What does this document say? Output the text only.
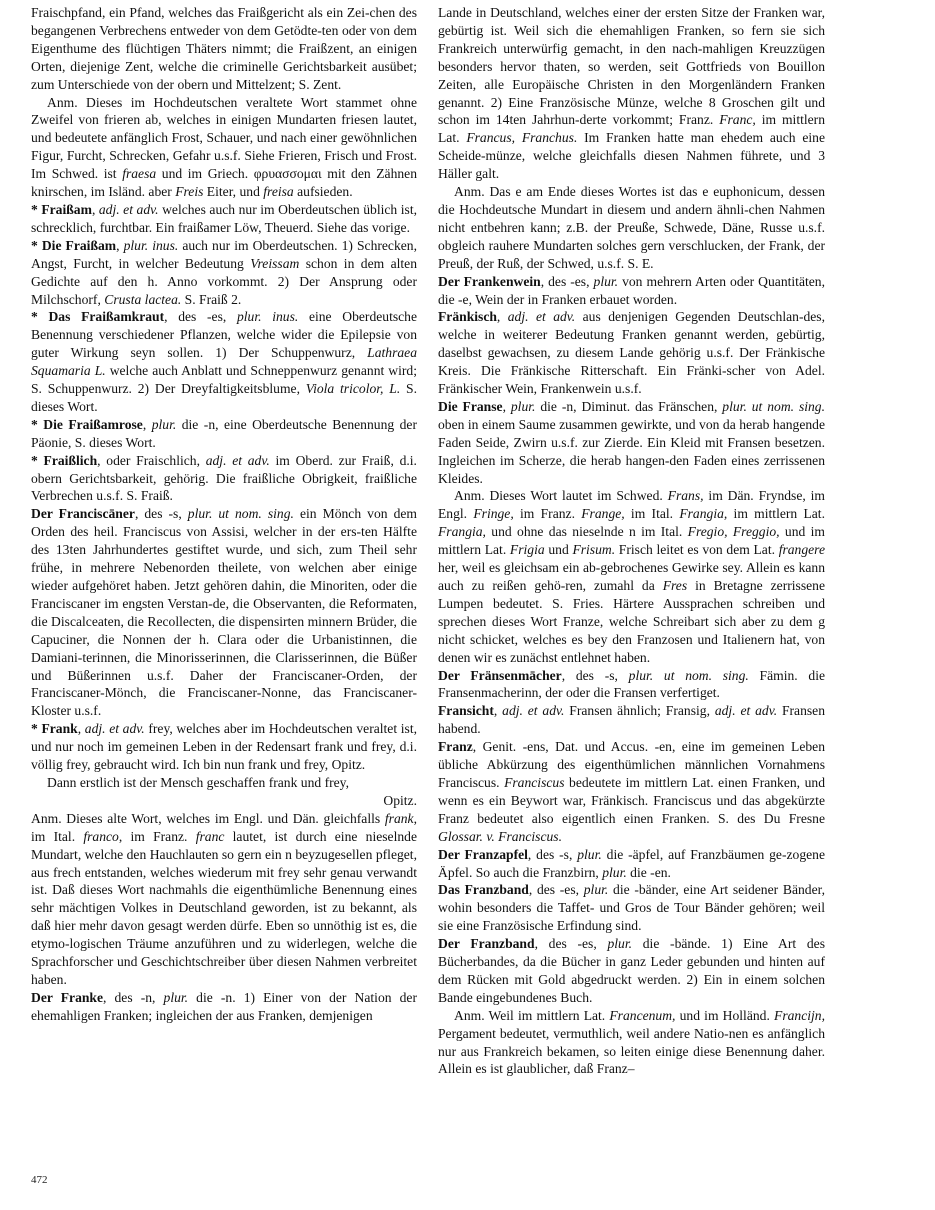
Fraischpfand, ein Pfand, welches das Fraißgericht als ein Zei-chen des begangenen Verbrechens entweder von dem Getödte-ten oder von dem Eigenthume des flüchtigen Thäters nimmt; die Fraißzent, an einigen Orten, diejenige Zent, welche die criminelle Gerichtsbarkeit ausübet; zum Unterschiede von der obern und Mittelzent; S. Zent.

Anm. Dieses im Hochdeutschen veraltete Wort stammet ohne Zweifel von frieren ab, welches in einigen Mundarten friesen lautet, und bedeutete anfänglich Frost, Schauer, und nach einer gewöhnlichen Figur, Furcht, Schrecken, Gefahr u.s.f. Siehe Frieren, Frisch und Frost. Im Schwed. ist fraesa und im Griech. φρυασσομαι mit den Zähnen knirschen, im Isländ. aber Freis Eiter, und freisa aufsieden.

* Fraißam, adj. et adv. welches auch nur im Oberdeutschen üblich ist, schrecklich, furchtbar. Ein fraißamer Löw, Theuerd. Siehe das vorige.

* Die Fraißam, plur. inus. auch nur im Oberdeutschen. 1) Schrecken, Angst, Furcht, in welcher Bedeutung Vreissam schon in dem alten Gedichte auf den h. Anno vorkommt. 2) Der Ansprung oder Milchschorf, Crusta lactea. S. Fraiß 2.

* Das Fraißamkraut, des -es, plur. inus. eine Oberdeutsche Benennung verschiedener Pflanzen, welche wider die Epilepsie von guter Wirkung seyn sollen. 1) Der Schuppenwurz, Lathraea Squamaria L. welche auch Anblatt und Schneppenwurz genannt wird; S. Schuppenwurz. 2) Der Dreyfaltigkeitsblume, Viola tricolor, L. S. dieses Wort.

* Die Fraißamrose, plur. die -n, eine Oberdeutsche Benennung der Päonie, S. dieses Wort.

* Fraißlich, oder Fraischlich, adj. et adv. im Oberd. zur Fraiß, d.i. obern Gerichtsbarkeit, gehörig. Die fraißliche Obrigkeit, fraißliche Verbrechen u.s.f. S. Fraiß.

Der Franciscāner, des -s, plur. ut nom. sing. ein Mönch von dem Orden des heil. Franciscus von Assisi, welcher in der ers-ten Hälfte des 13ten Jahrhundertes gestiftet wurde, und sich, zum Theil sehr frühe, in mehrere Nebenorden theilete, von welchen aber einige wieder aufgehöret haben. Jetzt gehören dahin, die Minoriten, oder die Franciscaner im engsten Verstan-de, die Observanten, die Reformaten, die Discalceaten, die Recollecten, die dispensirten minnern Brüder, die Capuciner, die Nonnen der h. Clara oder die Urbanistinnen, die Damiani-terinnen, die Minorisserinnen, die Clarisserinnen, die Büßer und Büßerinnen u.s.f. Daher der Franciscaner-Orden, der Franciscaner-Mönch, die Franciscaner-Nonne, das Franciscaner-Kloster u.s.f.

* Frank, adj. et adv. frey, welches aber im Hochdeutschen veraltet ist, und nur noch im gemeinen Leben in der Redensart frank und frey, d.i. völlig frey, gebraucht wird. Ich bin nun frank und frey, Opitz.

Dann erstlich ist der Mensch geschaffen frank und frey,

Opitz.

Anm. Dieses alte Wort, welches im Engl. und Dän. gleichfalls frank, im Ital. franco, im Franz. franc lautet, ist durch eine nieselnde Mundart, welche den Hauchlauten so gern ein n beyzugesellen pfleget, aus frech entstanden, welches wiederum mit frey sehr genau verwandt ist. Daß dieses Wort nachmahls die eigenthümliche Benennung eines sehr mächtigen Volkes in Deutschland geworden, ist zu bekannt, als daß hier mehr davon gesagt werden dürfe. Eben so unnöthig ist es, die etymo-logischen Träume anzuführen und zu widerlegen, welche die Sprachforscher und Geschichtschreiber über diesen Nahmen verbreitet haben.

Der Franke, des -n, plur. die -n. 1) Einer von der Nation der ehemahligen Franken; ingleichen der aus Franken, demjenigen

Lande in Deutschland, welches einer der ersten Sitze der Franken war, gebürtig ist. Weil sich die ehemahligen Franken, so fern sie sich Frankreich unterwürfig gemacht, in den nach-mahligen Kreuzzügen besonders hervor thaten, so werden, seit Gottfrieds von Bouillon Zeiten, alle Europäische Christen in den Morgenländern Franken genannt. 2) Eine Französische Münze, welche 8 Groschen gilt und schon im 14ten Jahrhun-derte vorkommt; Franz. Franc, im mittlern Lat. Francus, Franchus. Im Franken hatte man ehedem auch eine Scheide-münze, welche gleichfalls diesen Nahmen führete, und 3 Häller galt.

Anm. Das e am Ende dieses Wortes ist das e euphonicum, dessen die Hochdeutsche Mundart in diesem und andern ähnli-chen Nahmen nicht entbehren kann; z.B. der Preuße, Schwede, Däne, Russe u.s.f. obgleich rauhere Mundarten solches gern verschlucken, der Frank, der Preuß, der Ruß, der Schwed, u.s.f. S. E.

Der Frankenwein, des -es, plur. von mehrern Arten oder Quantitäten, die -e, Wein der in Franken erbauet worden.

Fränkisch, adj. et adv. aus denjenigen Gegenden Deutschlan-des, welche in weiterer Bedeutung Franken genannt werden, gebürtig, daselbst gewachsen, zu diesem Lande gehörig u.s.f. Der Fränkische Kreis. Die Fränkische Ritterschaft. Ein Fränki-scher von Adel. Fränkischer Wein, Frankenwein u.s.f.

Die Franse, plur. die -n, Diminut. das Fränschen, plur. ut nom. sing. oben in einem Saume zusammen gewirkte, und von da herab hangende Faden Seide, Zwirn u.s.f. zur Zierde. Ein Kleid mit Fransen besetzen. Ingleichen im Scherze, die herab hangen-den Faden eines zerrissenen Kleides.

Anm. Dieses Wort lautet im Schwed. Frans, im Dän. Fryndse, im Engl. Fringe, im Franz. Frange, im Ital. Frangia, im mittlern Lat. Frangia, und ohne das nieselnde n im Ital. Fregio, Freggio, und im mittlern Lat. Frigia und Frisum. Frisch leitet es von dem Lat. frangere her, weil es gleichsam ein ab-gebrochenes Gewirke sey. Allein es kann auch zu reißen gehö-ren, zumahl da Fres in Bretagne zerrissene Lumpen bedeutet. S. Fries. Härtere Aussprachen schreiben und sprechen dieses Wort Franze, welche Schreibart sich aber zu dem g nicht schicket, welches es bey den Franzosen und Italienern hat, von denen wir es zunächst entlehnet haben.

Der Fränsenmācher, des -s, plur. ut nom. sing. Fämin. die Fransenmacherinn, der oder die Fransen verfertiget.

Fransicht, adj. et adv. Fransen ähnlich; Fransig, adj. et adv. Fransen habend.

Franz, Genit. -ens, Dat. und Accus. -en, eine im gemeinen Leben übliche Abkürzung des eigenthümlichen männlichen Vornahmens Franciscus. Franciscus bedeutete im mittlern Lat. einen Franken, und wenn es ein Beywort war, Fränkisch. Franciscus und das abgekürzte Franz bedeutet also eigentlich einen Franken. S. des Du Fresne Glossar. v. Franciscus.

Der Franzapfel, des -s, plur. die -äpfel, auf Franzbäumen ge-zogene Äpfel. So auch die Franzbirn, plur. die -en.

Das Franzband, des -es, plur. die -bänder, eine Art seidener Bänder, wohin besonders die Taffet- und Gros de Tour Bänder gehören; weil sie eine Französische Erfindung sind.

Der Franzband, des -es, plur. die -bände. 1) Eine Art des Bücherbandes, da die Bücher in ganz Leder gebunden und hinten auf dem Rücken mit Gold abgedruckt werden. 2) Ein in einem solchen Bande eingebundenes Buch.

Anm. Weil im mittlern Lat. Francenum, und im Holländ. Francijn, Pergament bedeutet, vermuthlich, weil andere Natio-nen es anfänglich nur aus Frankreich bekamen, so leiten einige diese Benennung daher. Allein es ist glaublicher, daß Franz–

472
